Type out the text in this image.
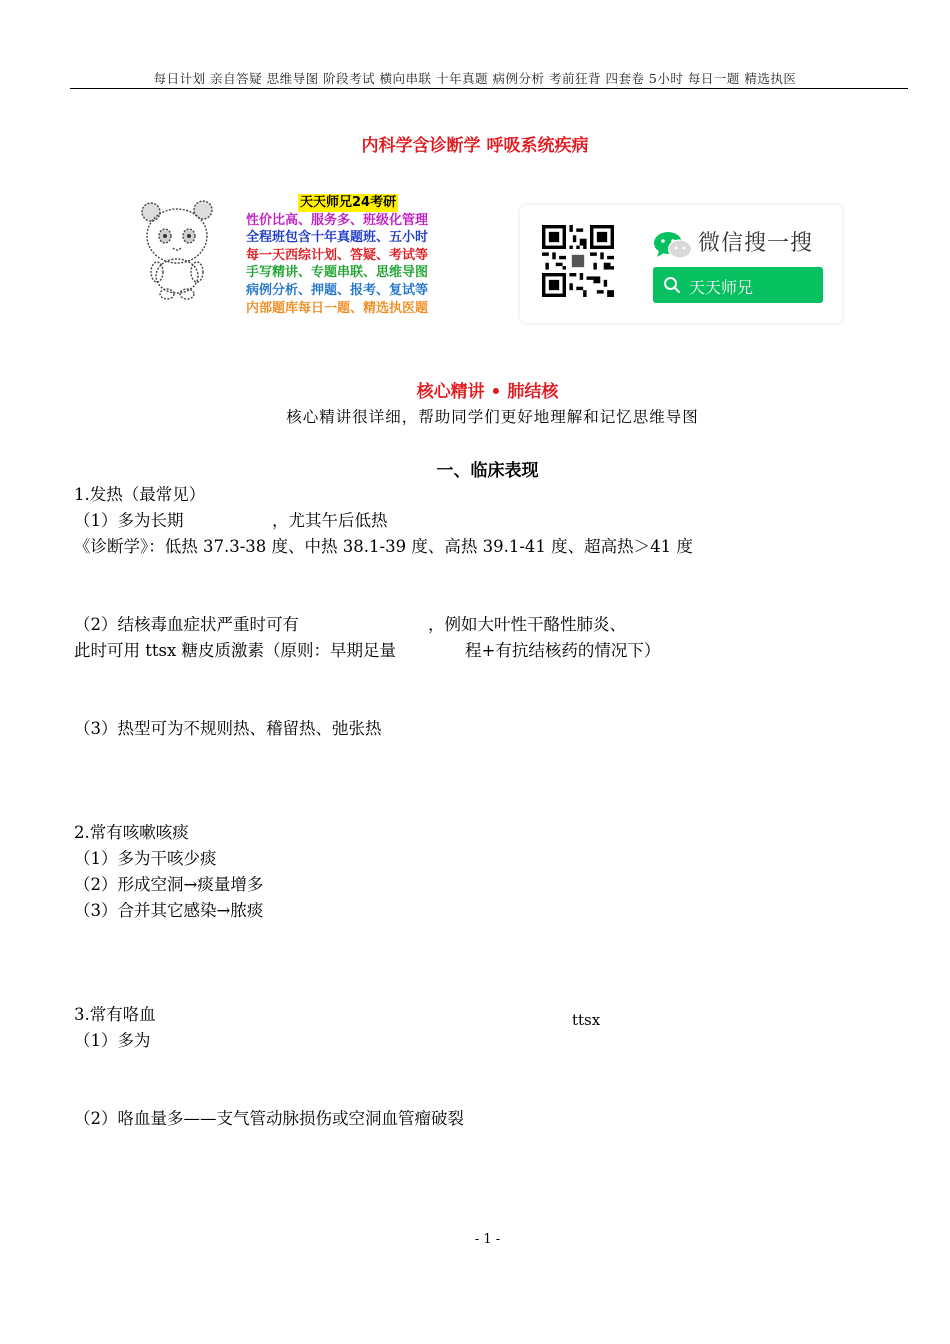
每日计划 亲自答疑 思维导图 阶段考试 横向串联 十年真题 病例分析 考前狂背 四套卷 5小时 每日一题 精选执医
内科学含诊断学 呼吸系统疾病
天天师兄24考研
性价比高、服务多、班级化管理
全程班包含十年真题班、五小时
每一天西综计划、答疑、考试等
手写精讲、专题串联、思维导图
病例分析、押题、报考、复试等
内部题库每日一题、精选执医题
微信搜一搜
天天师兄
核心精讲 • 肺结核
核心精讲很详细，帮助同学们更好地理解和记忆思维导图
一、临床表现
1.发热（最常见）
（1）多为长期	，尤其午后低热
《诊断学》：低热 37.3-38 度、中热 38.1-39 度、高热 39.1-41 度、超高热＞41 度
（2）结核毒血症状严重时可有	，例如大叶性干酪性肺炎、
此时可用 ttsx 糖皮质激素（原则：早期足量	程+有抗结核药的情况下）
（3）热型可为不规则热、稽留热、弛张热
2.常有咳嗽咳痰
（1）多为干咳少痰
（2）形成空洞→痰量增多
（3）合并其它感染→脓痰
3.常有咯血
（1）多为
ttsx
（2）咯血量多——支气管动脉损伤或空洞血管瘤破裂
- 1 -
